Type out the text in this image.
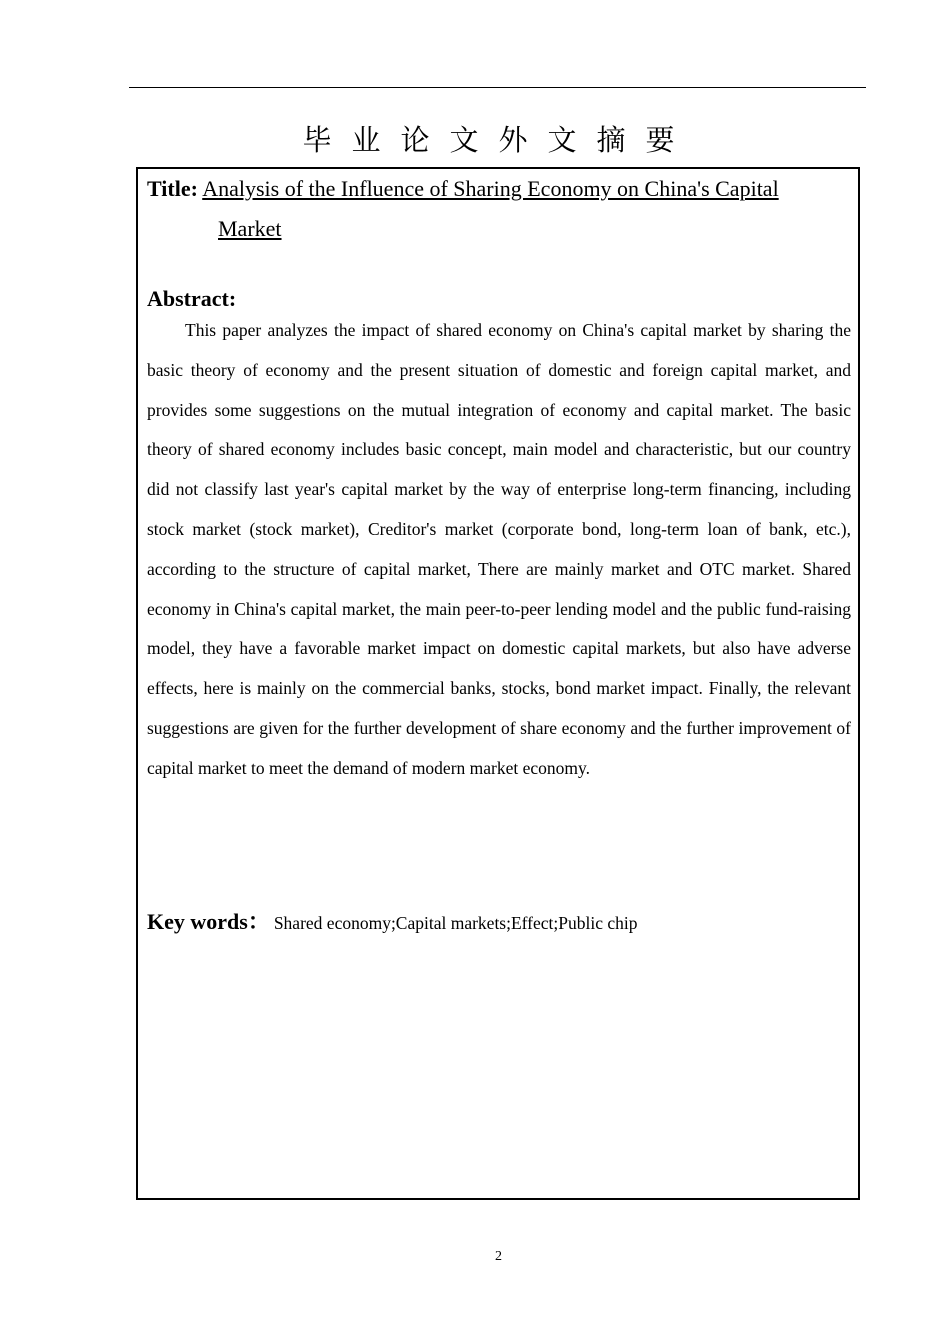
毕业论文外文摘要
Title: Analysis of the Influence of Sharing Economy on China's Capital
Market
Abstract:
This paper analyzes the impact of shared economy on China's capital market by sharing the basic theory of economy and the present situation of domestic and foreign capital market, and provides some suggestions on the mutual integration of economy and capital market. The basic theory of shared economy includes basic concept, main model and characteristic, but our country did not classify last year's capital market by the way of enterprise long-term financing, including stock market (stock market), Creditor's market (corporate bond, long-term loan of bank, etc.), according to the structure of capital market, There are mainly market and OTC market. Shared economy in China's capital market, the main peer-to-peer lending model and the public fund-raising model, they have a favorable market impact on domestic capital markets, but also have adverse effects, here is mainly on the commercial banks, stocks, bond market impact. Finally, the relevant suggestions are given for the further development of share economy and the further improvement of capital market to meet the demand of modern market economy.
Key words： Shared economy;Capital markets;Effect;Public chip
2
